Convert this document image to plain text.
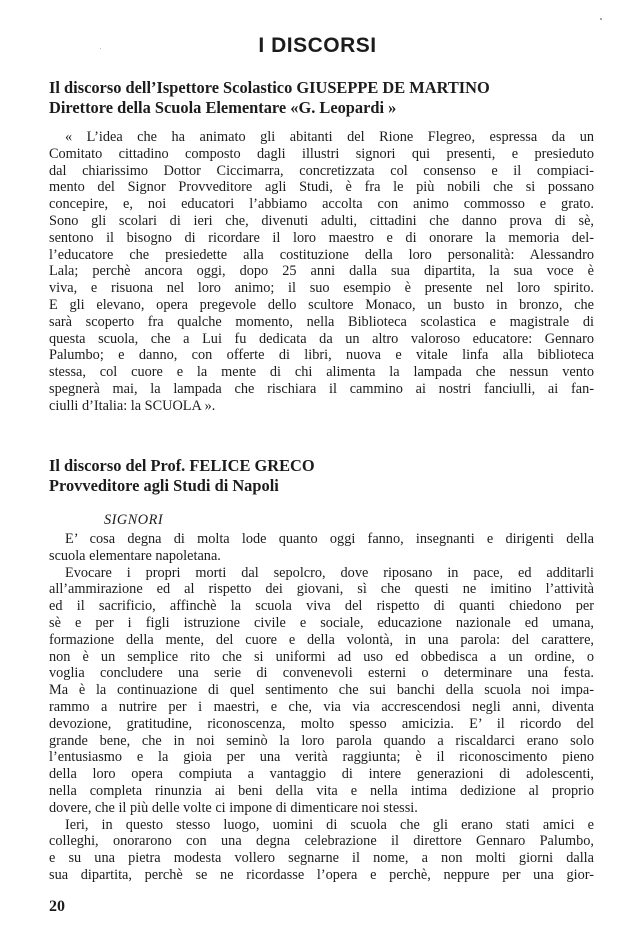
I DISCORSI
Il discorso dell’Ispettore Scolastico GIUSEPPE DE MARTINO
Direttore della Scuola Elementare «G. Leopardi »
« L’idea che ha animato gli abitanti del Rione Flegreo, espressa da un
Comitato cittadino composto dagli illustri signori qui presenti, e presieduto
dal chiarissimo Dottor Ciccimarra, concretizzata col consenso e il compiaci-
mento del Signor Provveditore agli Studi, è fra le più nobili che si possano
concepire, e, noi educatori l’abbiamo accolta con animo commosso e grato.
Sono gli scolari di ieri che, divenuti adulti, cittadini che danno prova di sè,
sentono il bisogno di ricordare il loro maestro e di onorare la memoria del-
l’educatore che presiedette alla costituzione della loro personalità: Alessandro
Lala; perchè ancora oggi, dopo 25 anni dalla sua dipartita, la sua voce è
viva, e risuona nel loro animo; il suo esempio è presente nel loro spirito.
E gli elevano, opera pregevole dello scultore Monaco, un busto in bronzo, che
sarà scoperto fra qualche momento, nella Biblioteca scolastica e magistrale di
questa scuola, che a Lui fu dedicata da un altro valoroso educatore: Gennaro
Palumbo; e danno, con offerte di libri, nuova e vitale linfa alla biblioteca
stessa, col cuore e la mente di chi alimenta la lampada che nessun vento
spegnerà mai, la lampada che rischiara il cammino ai nostri fanciulli, ai fan-
ciulli d’Italia: la SCUOLA ».
Il discorso del Prof. FELICE GRECO
Provveditore agli Studi di Napoli
SIGNORI
E’ cosa degna di molta lode quanto oggi fanno, insegnanti e dirigenti della
scuola elementare napoletana.
Evocare i propri morti dal sepolcro, dove riposano in pace, ed additarli
all’ammirazione ed al rispetto dei giovani, sì che questi ne imitino l’attività
ed il sacrificio, affinchè la scuola viva del rispetto di quanti chiedono per
sè e per i figli istruzione civile e sociale, educazione nazionale ed umana,
formazione della mente, del cuore e della volontà, in una parola: del carattere,
non è un semplice rito che si uniformi ad uso ed obbedisca a un ordine, o
voglia concludere una serie di convenevoli esterni o determinare una festa.
Ma è la continuazione di quel sentimento che sui banchi della scuola noi impa-
rammo a nutrire per i maestri, e che, via via accrescendosi negli anni, diventa
devozione, gratitudine, riconoscenza, molto spesso amicizia. E’ il ricordo del
grande bene, che in noi seminò la loro parola quando a riscaldarci erano solo
l’entusiasmo e la gioia per una verità raggiunta; è il riconoscimento pieno
della loro opera compiuta a vantaggio di intere generazioni di adolescenti,
nella completa rinunzia ai beni della vita e nella intima dedizione al proprio
dovere, che il più delle volte ci impone di dimenticare noi stessi.
Ieri, in questo stesso luogo, uomini di scuola che gli erano stati amici e
colleghi, onorarono con una degna celebrazione il direttore Gennaro Palumbo,
e su una pietra modesta vollero segnarne il nome, a non molti giorni dalla
sua dipartita, perchè se ne ricordasse l’opera e perchè, neppure per una gior-
20
